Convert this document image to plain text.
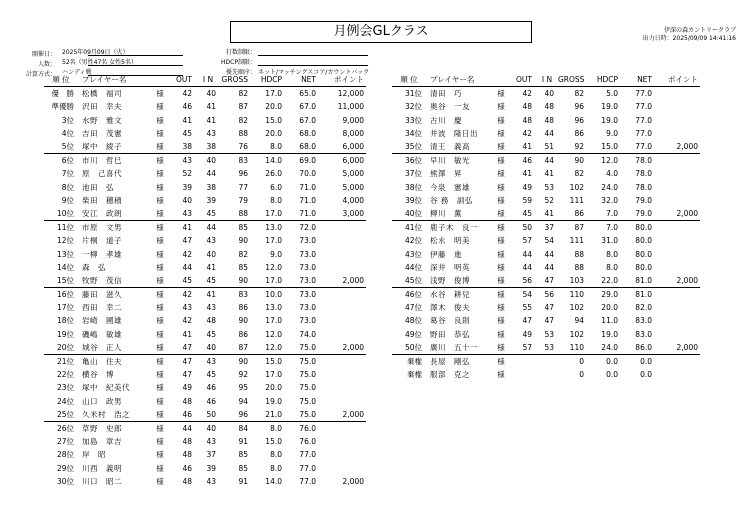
月例会GLクラス	伊深の森カントリークラブ
出力日時：2025/09/09 14:41:16
開催日： 2025年09月09日（火）
人数： 52名（男性47名 女性5名）
計算方式： ハンディ戦
打数制限：
HDCP制限：
優先順序： ネット/マッチングスコア/カウントバック
順 位	プレイヤー名		OUT	I N	GROSS	HDCP	NET	ポイント
優　勝	松橋　福司	様	42	40	82	17.0	65.0	12,000
準優勝	沢田　幸夫	様	46	41	87	20.0	67.0	11,000
3位	水野　雅文	様	41	41	82	15.0	67.0	9,000
4位	吉田　茂憲	様	45	43	88	20.0	68.0	8,000
5位	塚中　綾子	様	38	38	76	8.0	68.0	6,000
6位	市川　哲巳	様	43	40	83	14.0	69.0	6,000
7位	原　己喜代	様	52	44	96	26.0	70.0	5,000
8位	池田　弘	様	39	38	77	6.0	71.0	5,000
9位	柴田　穂積	様	40	39	79	8.0	71.0	4,000
10位	安江　政朗	様	43	45	88	17.0	71.0	3,000
11位	市原　文男	様	41	44	85	13.0	72.0	
12位	片桐　道子	様	47	43	90	17.0	73.0	
13位	一柳　孝雄	様	42	40	82	9.0	73.0	
14位	森　弘	様	44	41	85	12.0	73.0	
15位	牧野　茂信	様	45	45	90	17.0	73.0	2,000
16位	藤田　滋久	様	42	41	83	10.0	73.0	
17位	西田　幸二	様	43	43	86	13.0	73.0	
18位	岩崎　國雄	様	42	48	90	17.0	73.0	
19位	磯嶋　敏雄	様	41	45	86	12.0	74.0	
20位	城谷　正人	様	47	40	87	12.0	75.0	2,000
21位	亀山　住夫	様	47	43	90	15.0	75.0	
22位	横谷　博	様	47	45	92	17.0	75.0	
23位	塚中　紀美代	様	49	46	95	20.0	75.0	
24位	山口　政男	様	48	46	94	19.0	75.0	
25位	久米村　浩之	様	46	50	96	21.0	75.0	2,000
26位	草野　史郎	様	44	40	84	8.0	76.0	
27位	加島　章吉	様	48	43	91	15.0	76.0	
28位	岸　昭	様	48	37	85	8.0	77.0	
29位	川西　義明	様	46	39	85	8.0	77.0	
30位	川口　昭二	様	48	43	91	14.0	77.0	2,000
順 位	プレイヤー名		OUT	I N	GROSS	HDCP	NET	ポイント
31位	清田　巧	様	42	40	82	5.0	77.0	
32位	奥谷　一友	様	48	48	96	19.0	77.0	
33位	古川　慶	様	48	48	96	19.0	77.0	
34位	井波　隆日出	様	42	44	86	9.0	77.0	
35位	清王　義高	様	41	51	92	15.0	77.0	2,000
36位	早川　敏光	様	46	44	90	12.0	78.0	
37位	熊澤　昇	様	41	41	82	4.0	78.0	
38位	今泉　憲雄	様	49	53	102	24.0	78.0	
39位	谷 務　訓弘	様	59	52	111	32.0	79.0	
40位	柳川　薫	様	45	41	86	7.0	79.0	2,000
41位	鹿子木　良一	様	50	37	87	7.0	80.0	
42位	松永　明美	様	57	54	111	31.0	80.0	
43位	伊藤　進	様	44	44	88	8.0	80.0	
44位	深井　明英	様	44	44	88	8.0	80.0	
45位	浅野　俊博	様	56	47	103	22.0	81.0	2,000
46位	水谷　耕兒	様	54	56	110	29.0	81.0	
47位	澤木　俊夫	様	55	47	102	20.0	82.0	
48位	葛谷　良則	様	47	47	94	11.0	83.0	
49位	野田　恭弘	様	49	53	102	19.0	83.0	
50位	廣川　五十一	様	57	53	110	24.0	86.0	2,000
棄権	長屋　剛弘	様			0	0.0	0.0	
棄権	服部　克之	様			0	0.0	0.0	
